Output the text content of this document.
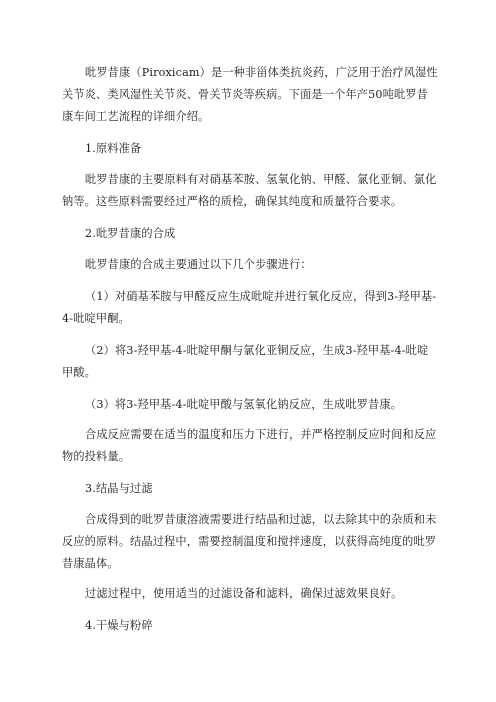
吡罗昔康（Piroxicam）是一种非甾体类抗炎药，广泛用于治疗风湿性关节炎、类风湿性关节炎、骨关节炎等疾病。下面是一个年产50吨吡罗昔康车间工艺流程的详细介绍。

1.原料准备

吡罗昔康的主要原料有对硝基苯胺、氢氧化钠、甲醛、氯化亚铜、氯化钠等。这些原料需要经过严格的质检，确保其纯度和质量符合要求。

2.吡罗昔康的合成

吡罗昔康的合成主要通过以下几个步骤进行：

（1）对硝基苯胺与甲醛反应生成吡啶并进行氧化反应，得到3-羟甲基-4-吡啶甲酮。

（2）将3-羟甲基-4-吡啶甲酮与氯化亚铜反应，生成3-羟甲基-4-吡啶甲酸。

（3）将3-羟甲基-4-吡啶甲酸与氢氧化钠反应，生成吡罗昔康。

合成反应需要在适当的温度和压力下进行，并严格控制反应时间和反应物的投料量。

3.结晶与过滤

合成得到的吡罗昔康溶液需要进行结晶和过滤，以去除其中的杂质和未反应的原料。结晶过程中，需要控制温度和搅拌速度，以获得高纯度的吡罗昔康晶体。

过滤过程中，使用适当的过滤设备和滤料，确保过滤效果良好。

4.干燥与粉碎
